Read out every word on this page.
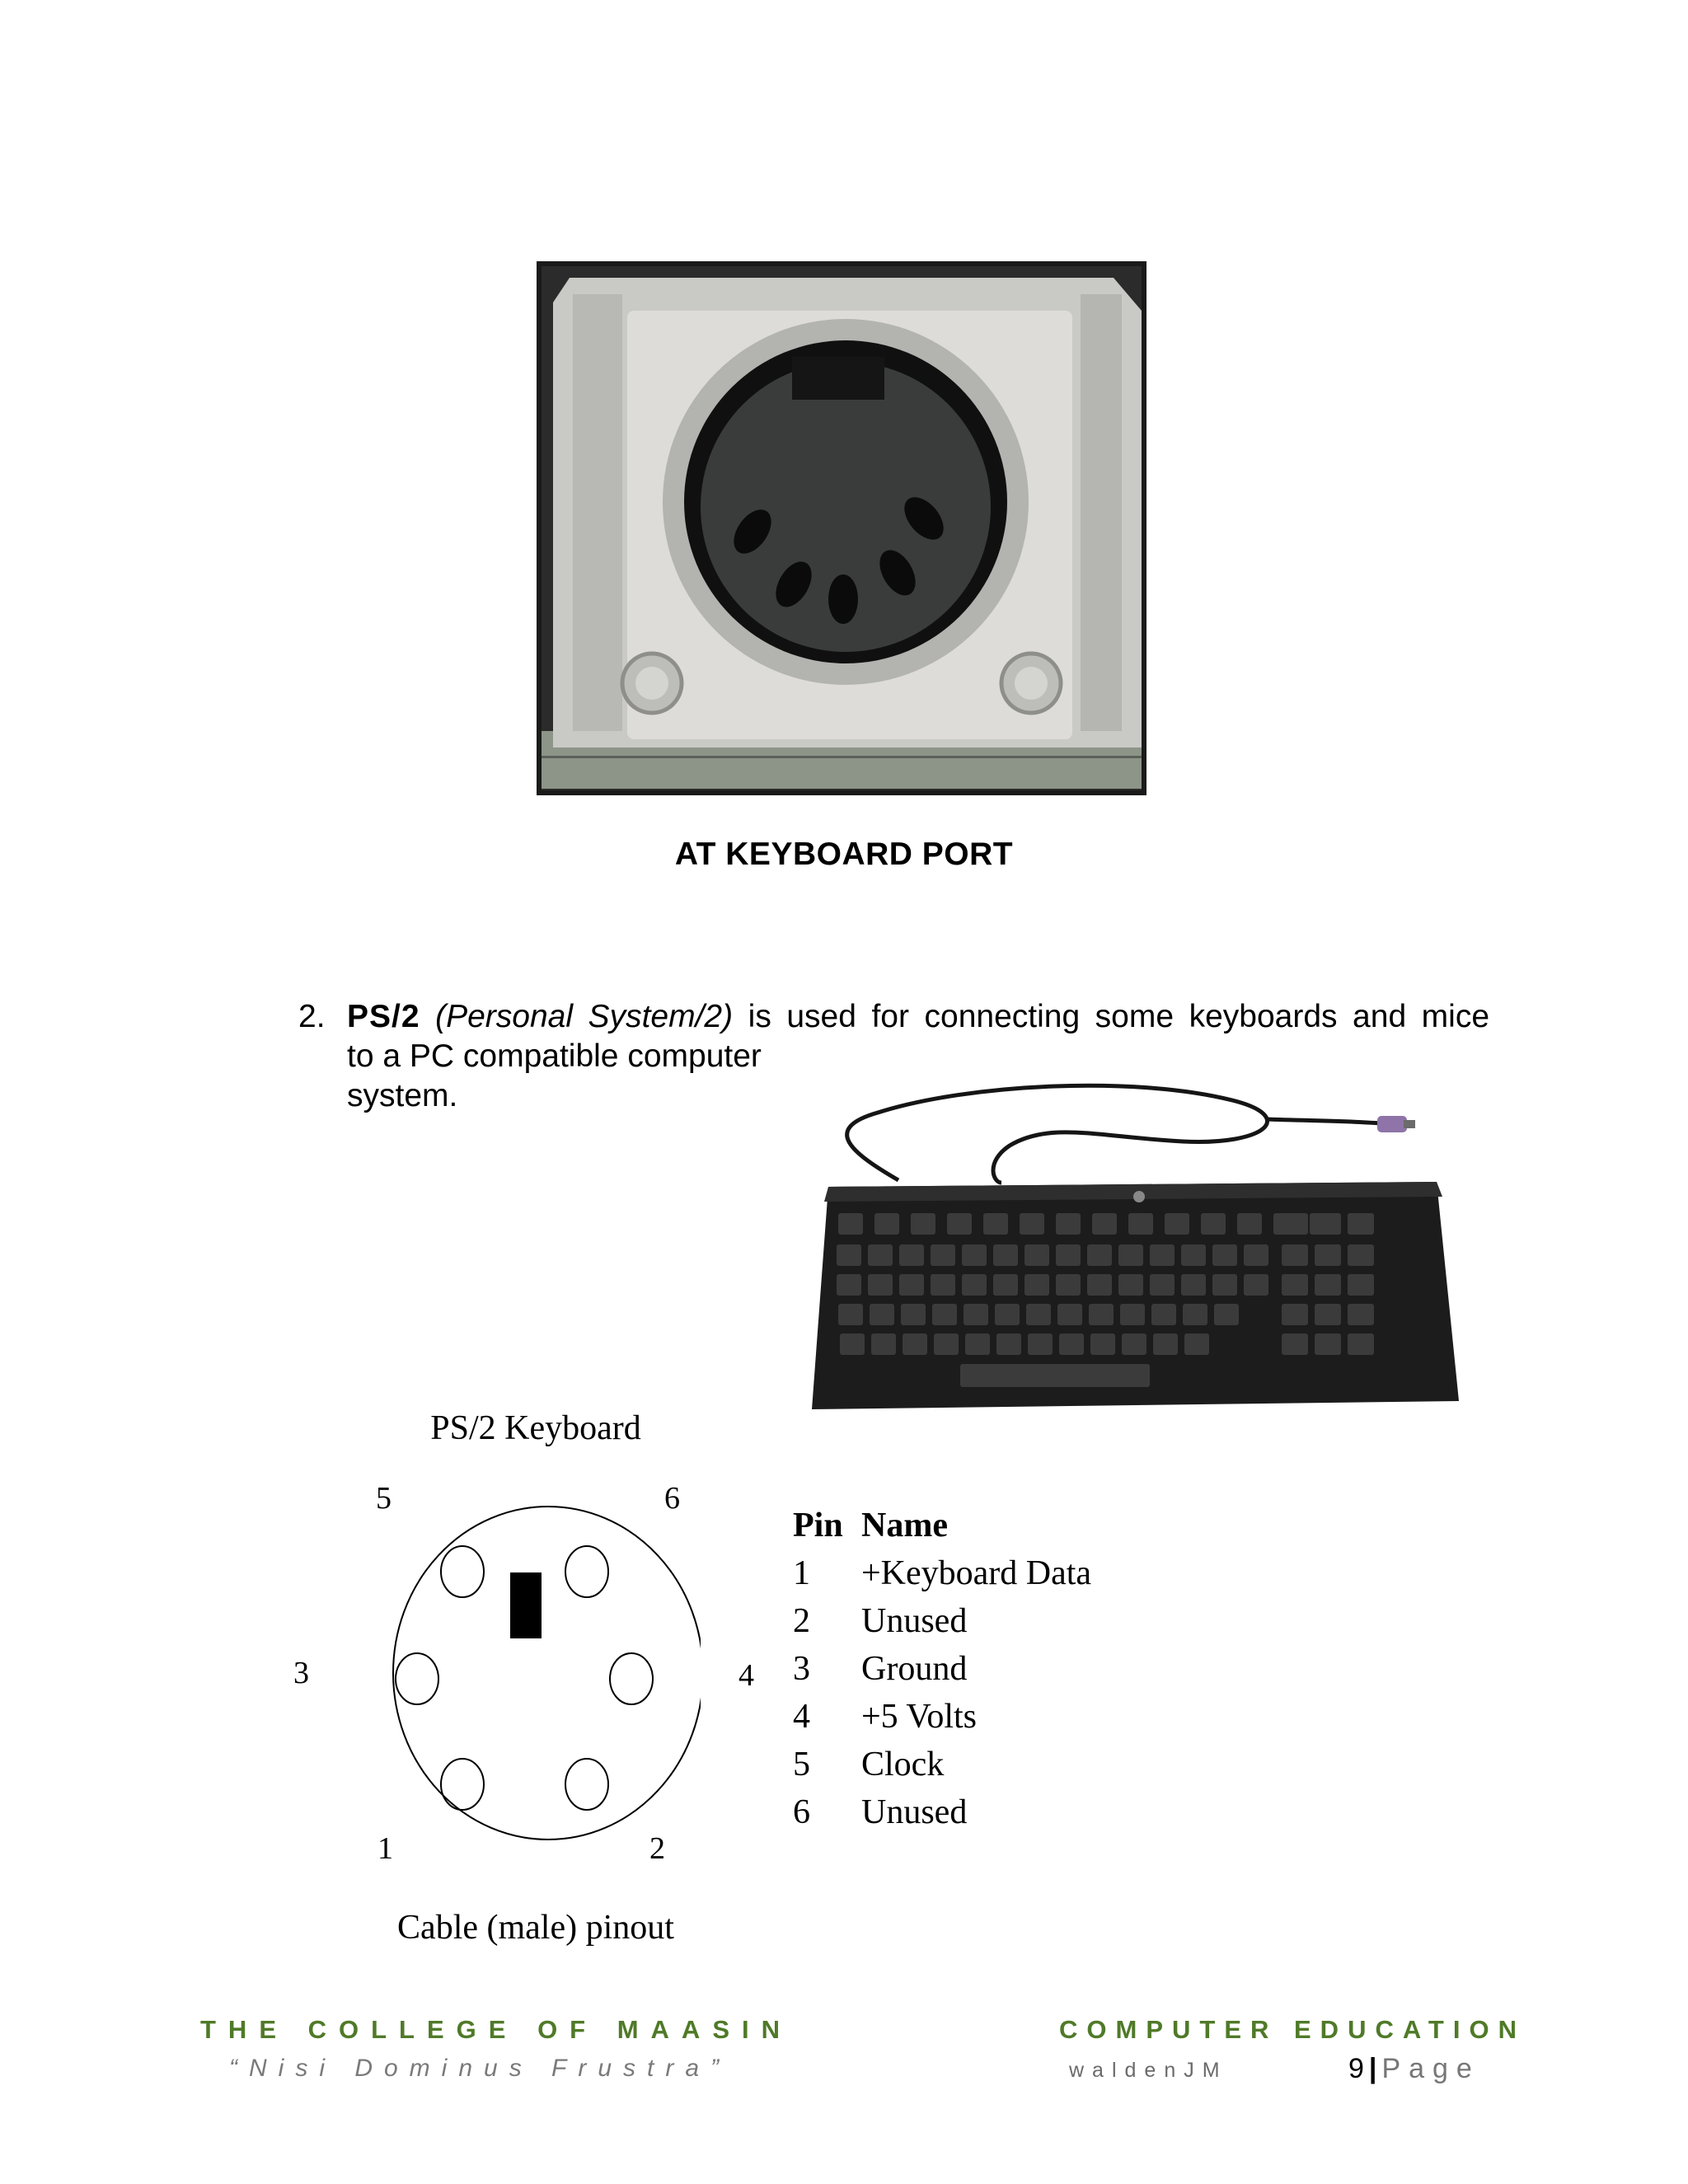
AT KEYBOARD PORT
2. PS/2 (Personal System/2) is used for connecting some keyboards and mice
to a PC compatible computer
system.
PS/2 Keyboard
5	6
3
1	2
Cable (male) pinout
4
Pin	Name
1	+Keyboard Data
2	Unused
3	Ground
4	+5 Volts
5	Clock
6	Unused
THE COLLEGE OF MAASIN
“Nisi Dominus Frustra”
COMPUTER EDUCATION
waldenJM	9 | Page
